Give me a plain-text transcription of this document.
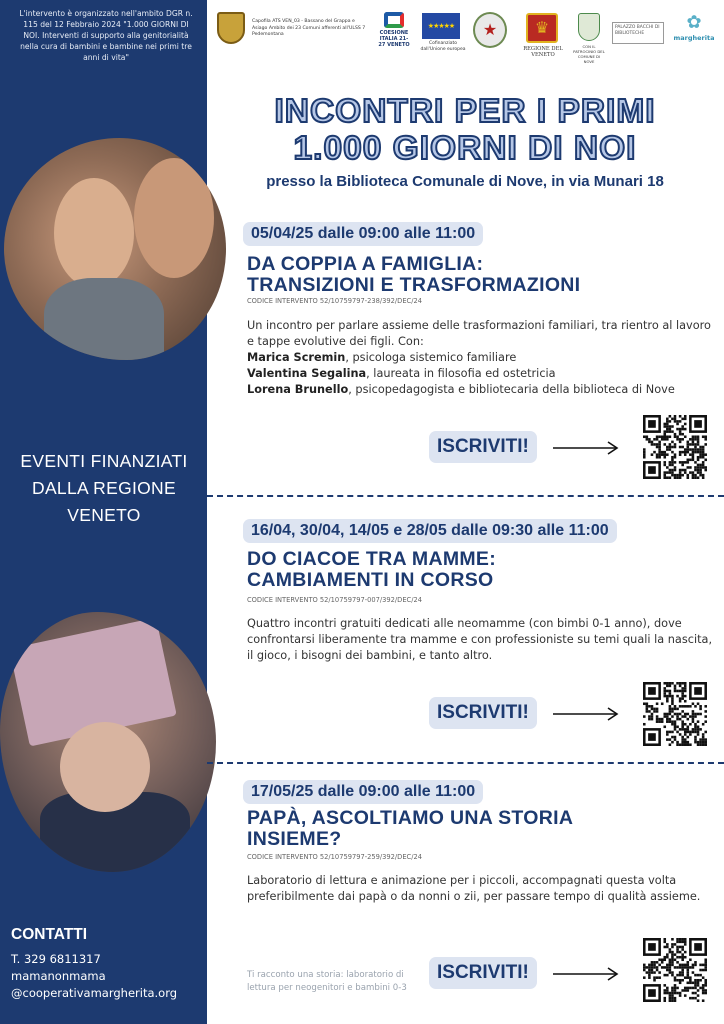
L'intervento è organizzato nell'ambito DGR n. 115 del 12 Febbraio 2024 "1.000 GIORNI DI NOI. Interventi di supporto alla genitorialità nella cura di bambini e bambine nei primi tre anni di vita"

EVENTI FINANZIATI DALLA REGIONE VENETO
CONTATTI
T. 329 6811317
mamanonmama
@cooperativamargherita.org
Capofila ATS VEN_03 - Bassano del Grappa e Asiago Ambito dei 23 Comuni afferenti all'ULSS 7 Pedemontana	COESIONE ITALIA 21-27 VENETO
★★★★★
Cofinanziato dall'Unione europea
★	♛
REGIONE DEL VENETO
CON IL PATROCINIO DEL COMUNE DI NOVE
PALAZZO BACCHI DI BIBLIOTECHE
✿
margherita
INCONTRI PER I PRIMI
1.000 GIORNI DI NOI
presso la Biblioteca Comunale di Nove, in via Munari 18
05/04/25 dalle 09:00 alle 11:00
DA COPPIA A FAMIGLIA:
TRANSIZIONI E TRASFORMAZIONI
CODICE INTERVENTO 52/10759797-238/392/DEC/24
Un incontro per parlare assieme delle trasformazioni familiari, tra rientro al lavoro e tappe evolutive dei figli. Con:
Marica Scremin, psicologa sistemico familiare
Valentina Segalina, laureata in filosofia ed ostetricia
Lorena Brunello, psicopedagogista e bibliotecaria della biblioteca di Nove
ISCRIVITI!
16/04, 30/04, 14/05 e 28/05 dalle 09:30 alle 11:00
DO CIACOE TRA MAMME:
CAMBIAMENTI IN CORSO
CODICE INTERVENTO 52/10759797-007/392/DEC/24
Quattro incontri gratuiti dedicati alle neomamme (con bimbi 0-1 anno), dove confrontarsi liberamente tra mamme e con professioniste su temi quali la nascita, il gioco, i bisogni dei bambini, e tanto altro.
ISCRIVITI!
17/05/25 dalle 09:00 alle 11:00
PAPÀ, ASCOLTIAMO UNA STORIA
INSIEME?
CODICE INTERVENTO 52/10759797-259/392/DEC/24
Laboratorio di lettura e animazione per i piccoli, accompagnati questa volta preferibilmente dai papà o da nonni o zii, per passare tempo di qualità assieme.
ISCRIVITI!
Ti racconto una storia: laboratorio di lettura per neogenitori e bambini 0-3
